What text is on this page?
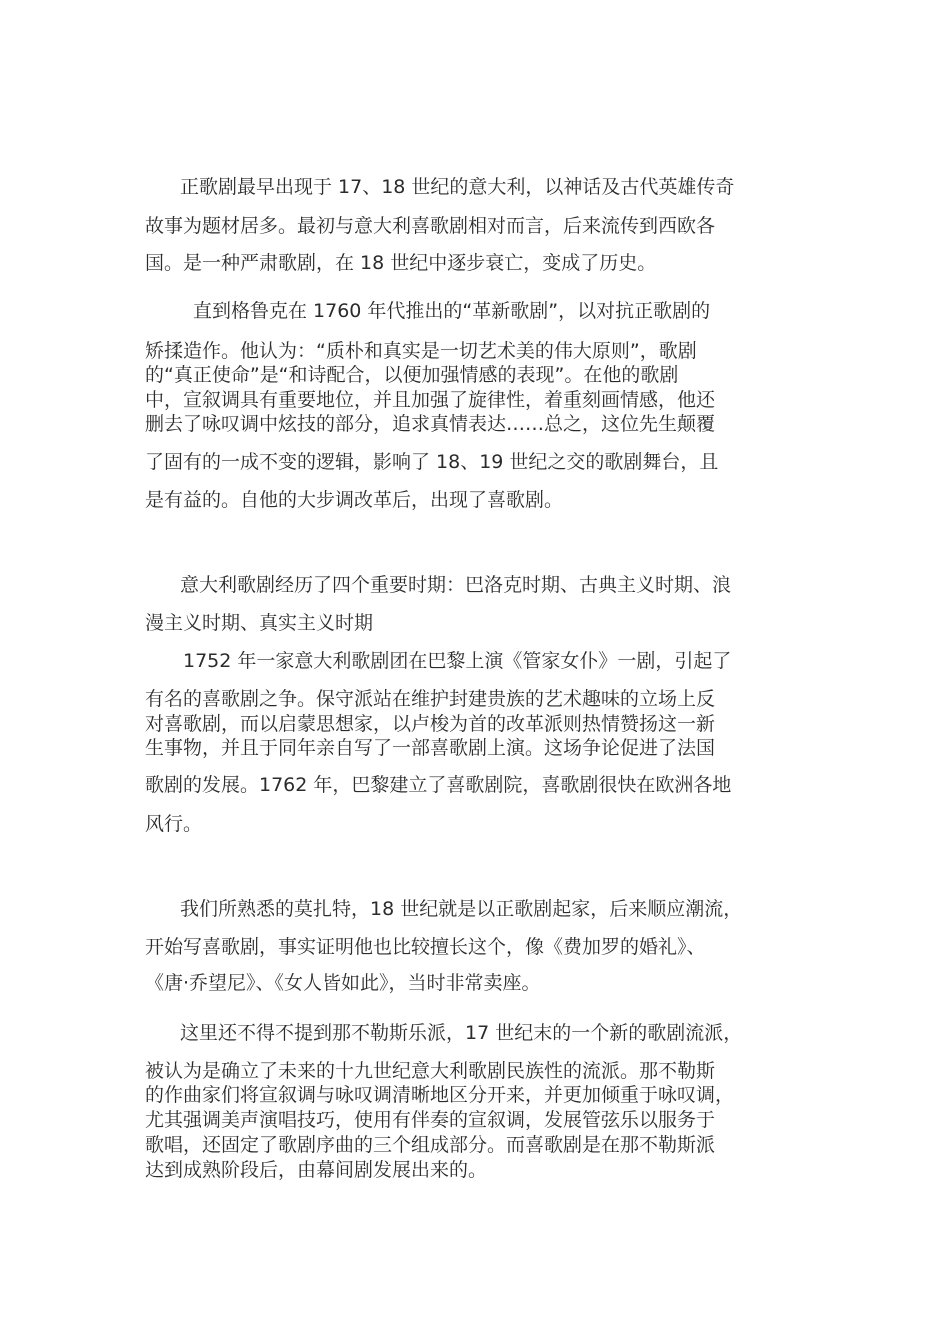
正歌剧最早出现于 17、18 世纪的意大利，以神话及古代英雄传奇

故事为题材居多。最初与意大利喜歌剧相对而言，后来流传到西欧各

国。是一种严肃歌剧，在 18 世纪中逐步衰亡，变成了历史。

直到格鲁克在 1760 年代推出的“革新歌剧”，以对抗正歌剧的

矫揉造作。他认为：“质朴和真实是一切艺术美的伟大原则”，歌剧

的“真正使命”是“和诗配合，以便加强情感的表现”。在他的歌剧

中，宣叙调具有重要地位，并且加强了旋律性，着重刻画情感，他还

删去了咏叹调中炫技的部分，追求真情表达……总之，这位先生颠覆

了固有的一成不变的逻辑，影响了 18、19 世纪之交的歌剧舞台，且

是有益的。自他的大步调改革后，出现了喜歌剧。

意大利歌剧经历了四个重要时期：巴洛克时期、古典主义时期、浪

漫主义时期、真实主义时期

1752 年一家意大利歌剧团在巴黎上演《管家女仆》一剧，引起了

有名的喜歌剧之争。保守派站在维护封建贵族的艺术趣味的立场上反

对喜歌剧，而以启蒙思想家，以卢梭为首的改革派则热情赞扬这一新

生事物，并且于同年亲自写了一部喜歌剧上演。这场争论促进了法国

歌剧的发展。1762 年，巴黎建立了喜歌剧院，喜歌剧很快在欧洲各地

风行。

我们所熟悉的莫扎特，18 世纪就是以正歌剧起家，后来顺应潮流，

开始写喜歌剧，事实证明他也比较擅长这个，像《费加罗的婚礼》、

《唐·乔望尼》、《女人皆如此》，当时非常卖座。

这里还不得不提到那不勒斯乐派，17 世纪末的一个新的歌剧流派，

被认为是确立了未来的十九世纪意大利歌剧民族性的流派。那不勒斯

的作曲家们将宣叙调与咏叹调清晰地区分开来，并更加倾重于咏叹调，

尤其强调美声演唱技巧，使用有伴奏的宣叙调，发展管弦乐以服务于

歌唱，还固定了歌剧序曲的三个组成部分。而喜歌剧是在那不勒斯派

达到成熟阶段后，由幕间剧发展出来的。
